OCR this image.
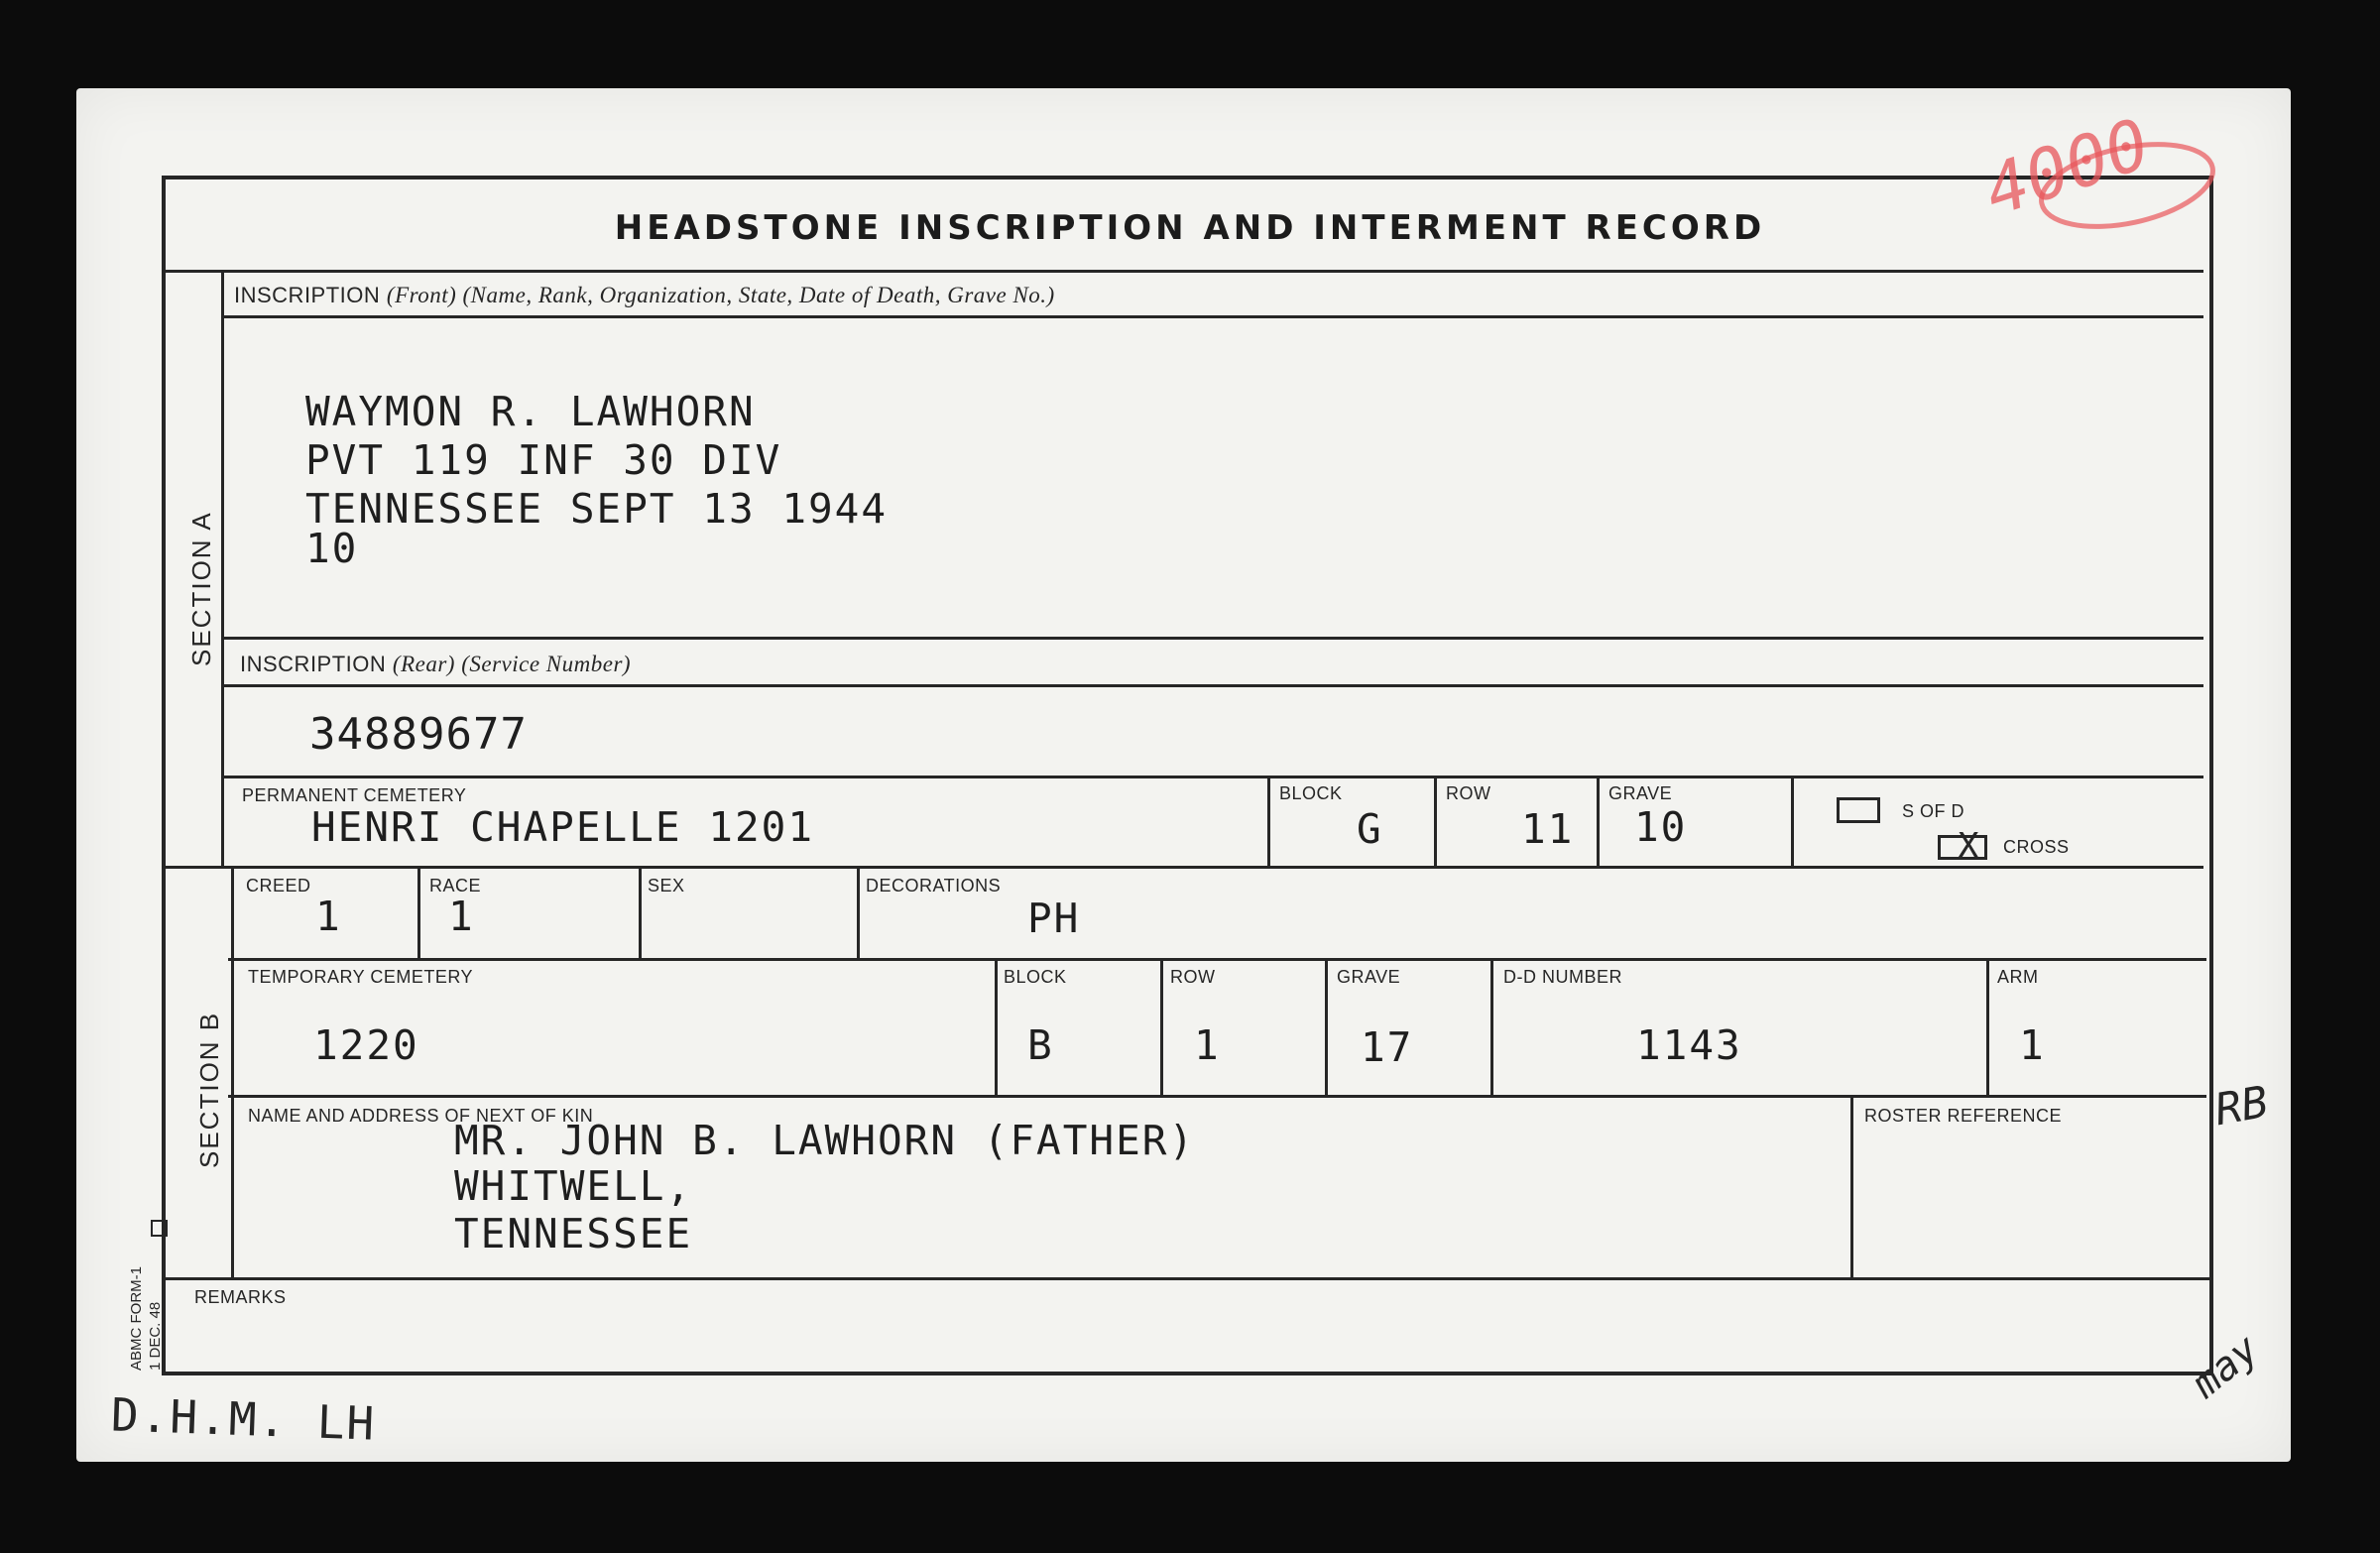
HEADSTONE INSCRIPTION AND INTERMENT RECORD
SECTION A
SECTION B
ABMC FORM-1
1 DEC. 48
INSCRIPTION (Front) (Name, Rank, Organization, State, Date of Death, Grave No.)
WAYMON R. LAWHORN
PVT 119 INF 30 DIV
TENNESSEE SEPT 13 1944
10
INSCRIPTION (Rear) (Service Number)
34889677
PERMANENT CEMETERY
HENRI CHAPELLE 1201
BLOCK
G
ROW
11
GRAVE
10	S OF D
X CROSS
CREED
1
RACE
1
SEX	DECORATIONS
PH
TEMPORARY CEMETERY
1220
BLOCK
B
ROW
1
GRAVE
17
D-D NUMBER
1143
ARM
1
NAME AND ADDRESS OF NEXT OF KIN
MR. JOHN B. LAWHORN (FATHER)
WHITWELL,
TENNESSEE
ROSTER REFERENCE
REMARKS
D.H.M. LH
RB
may
4000
